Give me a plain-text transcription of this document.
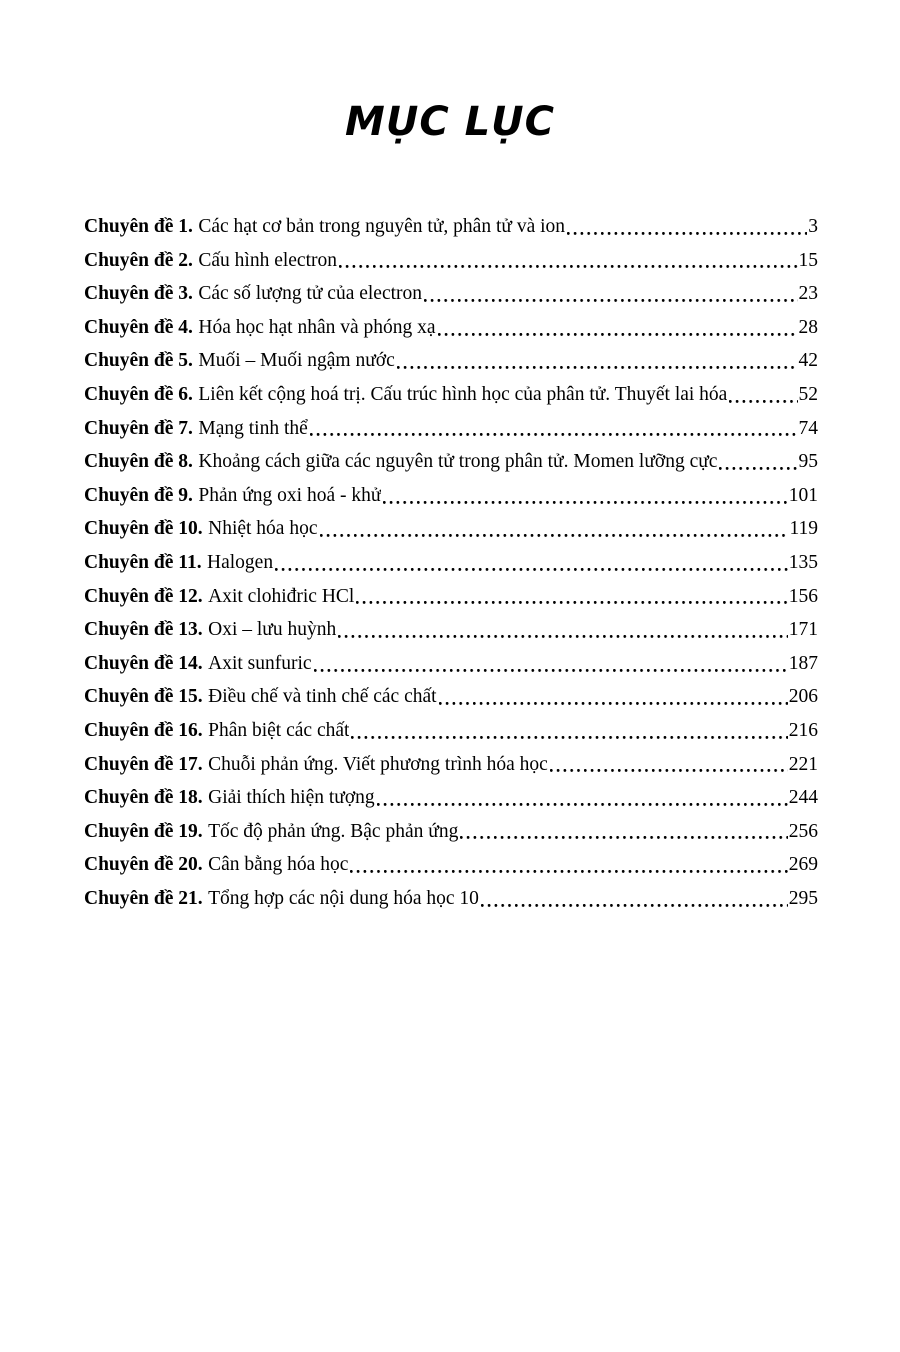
MỤC LỤC
Chuyên đề 1. Các hạt cơ bản trong nguyên tử, phân tử và ion	3
Chuyên đề 2. Cấu hình electron	15
Chuyên đề 3. Các số lượng tử của electron	23
Chuyên đề 4. Hóa học hạt nhân và phóng xạ	28
Chuyên đề 5. Muối – Muối ngậm nước	42
Chuyên đề 6. Liên kết cộng hoá trị. Cấu trúc hình học của phân tử. Thuyết lai hóa	52
Chuyên đề 7. Mạng tinh thể	74
Chuyên đề 8. Khoảng cách giữa các nguyên tử trong phân tử. Momen lưỡng cực	95
Chuyên đề 9. Phản ứng oxi hoá - khử	101
Chuyên đề 10. Nhiệt hóa học	119
Chuyên đề 11. Halogen	135
Chuyên đề 12. Axit clohiđric HCl	156
Chuyên đề 13. Oxi – lưu huỳnh	171
Chuyên đề 14. Axit sunfuric	187
Chuyên đề 15. Điều chế và tinh chế các chất	206
Chuyên đề 16. Phân biệt các chất	216
Chuyên đề 17. Chuỗi phản ứng. Viết phương trình hóa học	221
Chuyên đề 18. Giải thích hiện tượng	244
Chuyên đề 19. Tốc độ phản ứng. Bậc phản ứng	256
Chuyên đề 20. Cân bằng hóa học	269
Chuyên đề 21. Tổng hợp các nội dung hóa học 10	295
